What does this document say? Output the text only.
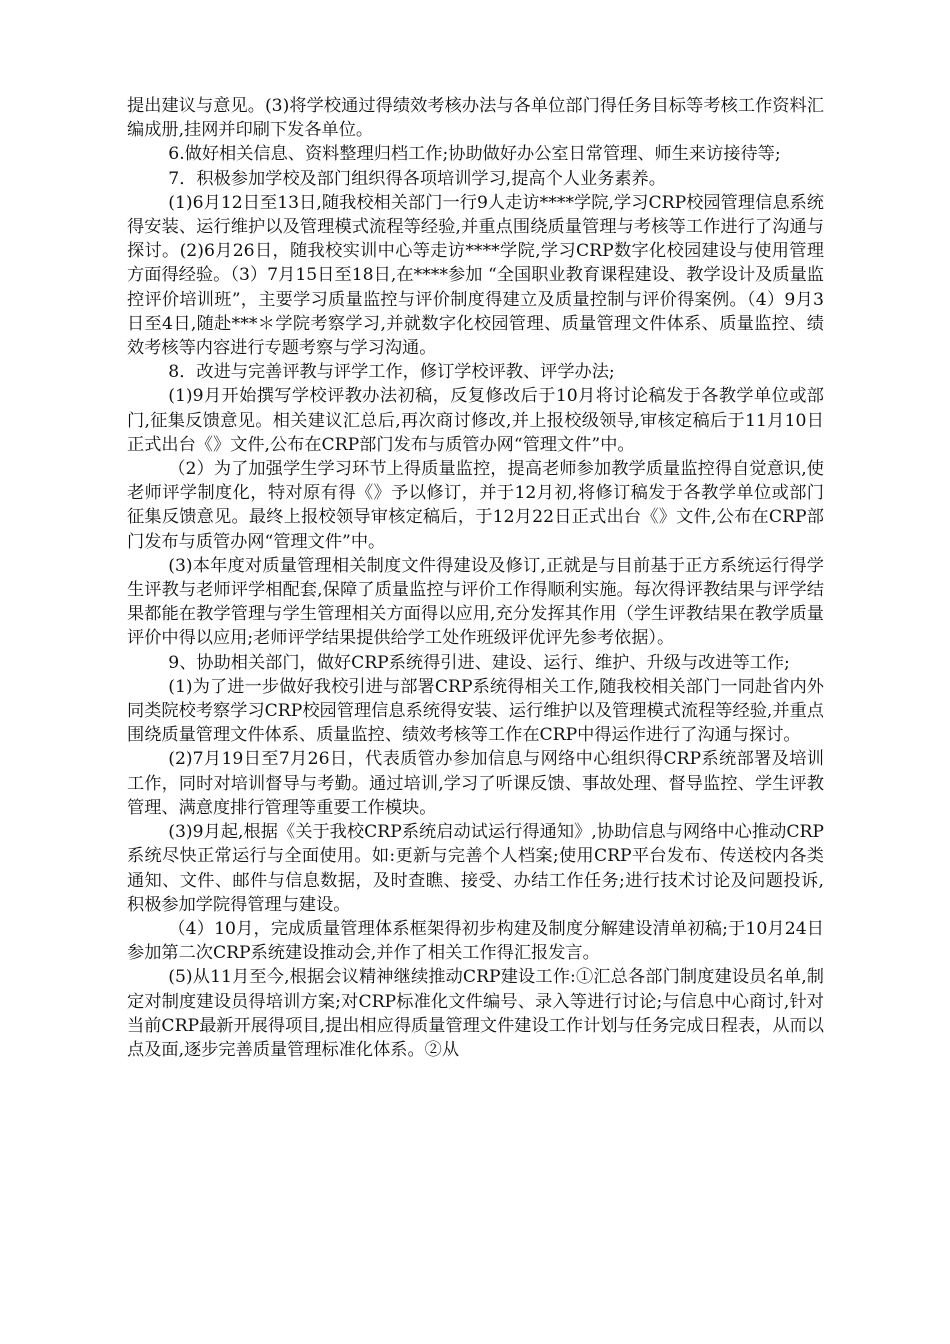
提出建议与意见。(3)将学校通过得绩效考核办法与各单位部门得任务目标等考核工作资料汇编成册,挂网并印刷下发各单位。

6.做好相关信息、资料整理归档工作;协助做好办公室日常管理、师生来访接待等;

7．积极参加学校及部门组织得各项培训学习,提高个人业务素养。

(1)6月12日至13日,随我校相关部门一行9人走访****学院,学习CRP校园管理信息系统得安装、运行维护以及管理模式流程等经验,并重点围绕质量管理与考核等工作进行了沟通与探讨。(2)6月26日，随我校实训中心等走访****学院,学习CRP数字化校园建设与使用管理方面得经验。（3）7月15日至18日,在****参加 “全国职业教育课程建设、教学设计及质量监控评价培训班”，主要学习质量监控与评价制度得建立及质量控制与评价得案例。（4）9月3日至4日,随赴***＊学院考察学习,并就数字化校园管理、质量管理文件体系、质量监控、绩效考核等内容进行专题考察与学习沟通。

8．改进与完善评教与评学工作，修订学校评教、评学办法;

(1)9月开始撰写学校评教办法初稿，反复修改后于10月将讨论稿发于各教学单位或部门,征集反馈意见。相关建议汇总后,再次商讨修改,并上报校级领导,审核定稿后于11月10日正式出台《》文件,公布在CRP部门发布与质管办网“管理文件”中。

（2）为了加强学生学习环节上得质量监控，提高老师参加教学质量监控得自觉意识,使老师评学制度化，特对原有得《》予以修订，并于12月初,将修订稿发于各教学单位或部门征集反馈意见。最终上报校领导审核定稿后，于12月22日正式出台《》文件,公布在CRP部门发布与质管办网“管理文件”中。

(3)本年度对质量管理相关制度文件得建设及修订,正就是与目前基于正方系统运行得学生评教与老师评学相配套,保障了质量监控与评价工作得顺利实施。每次得评教结果与评学结果都能在教学管理与学生管理相关方面得以应用,充分发挥其作用（学生评教结果在教学质量评价中得以应用;老师评学结果提供给学工处作班级评优评先参考依据）。

9、协助相关部门，做好CRP系统得引进、建设、运行、维护、升级与改进等工作;

(1)为了进一步做好我校引进与部署CRP系统得相关工作,随我校相关部门一同赴省内外同类院校考察学习CRP校园管理信息系统得安装、运行维护以及管理模式流程等经验,并重点围绕质量管理文件体系、质量监控、绩效考核等工作在CRP中得运作进行了沟通与探讨。

(2)7月19日至7月26日，代表质管办参加信息与网络中心组织得CRP系统部署及培训工作，同时对培训督导与考勤。通过培训,学习了听课反馈、事故处理、督导监控、学生评教管理、满意度排行管理等重要工作模块。

(3)9月起,根据《关于我校CRP系统启动试运行得通知》,协助信息与网络中心推动CRP系统尽快正常运行与全面使用。如:更新与完善个人档案;使用CRP平台发布、传送校内各类通知、文件、邮件与信息数据，及时查瞧、接受、办结工作任务;进行技术讨论及问题投诉,积极参加学院得管理与建设。

（4）10月，完成质量管理体系框架得初步构建及制度分解建设清单初稿;于10月24日参加第二次CRP系统建设推动会,并作了相关工作得汇报发言。

(5)从11月至今,根据会议精神继续推动CRP建设工作:①汇总各部门制度建设员名单,制定对制度建设员得培训方案;对CRP标准化文件编号、录入等进行讨论;与信息中心商讨,针对当前CRP最新开展得项目,提出相应得质量管理文件建设工作计划与任务完成日程表，从而以点及面,逐步完善质量管理标准化体系。②从
